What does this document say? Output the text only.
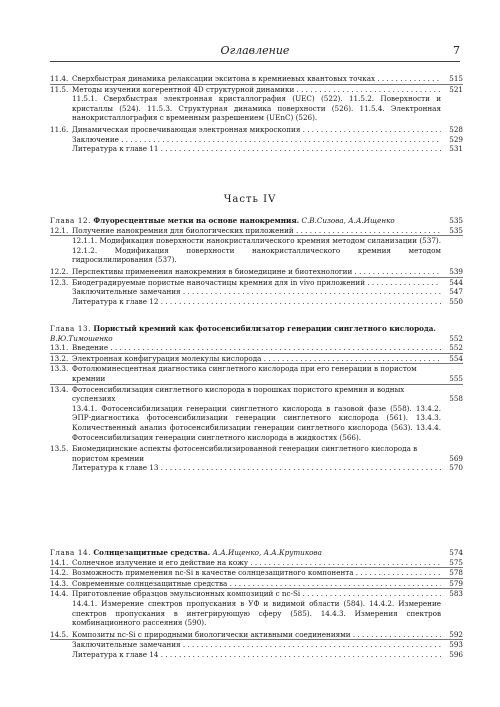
Оглавление	7
11.4. Сверхбыстрая динамика релаксации экситона в кремниевых квантовых точках . . .	515
11.5. Методы изучения когерентной 4D структурной динамики . . .	521
11.5.1. Сверхбыстрая электронная кристаллография (UEC) (522). 11.5.2. Поверхности и кристаллы (524). 11.5.3. Структурная динамика поверхности (526). 11.5.4. Электронная нанокристаллография с временным разрешением (UEnC) (526).
11.6. Динамическая просвечивающая электронная микроскопия . . .	528
Заключение . . .	529
Литература к главе 11 . . .	531
Часть IV
Глава 12. Флуоресцентные метки на основе нанокремния. С.В.Сизова, А.А.Ищенко	535
12.1. Получение нанокремния для биологических приложений . . .	535
12.1.1. Модификация поверхности нанокристаллического кремния методом силанизации (537). 12.1.2. Модификация поверхности нанокристаллического кремния методом гидросилилирования (537).
12.2. Перспективы применения нанокремния в биомедицине и биотехнологии . . .	539
12.3. Биодеградируемые пористые наночастицы кремния для in vivo приложений . . .	544
Заключительные замечания . . .	547
Литература к главе 12 . . .	550
Глава 13. Пористый кремний как фотосенсибилизатор генерации синглетного кислорода. В.Ю.Тимошенко	552
13.1. Введение . . .	552
13.2. Электронная конфигурация молекулы кислорода . . .	554
13.3. Фотолюминесцентная диагностика синглетного кислорода при его генерации в пористом кремнии	555
13.4. Фотосенсибилизация синглетного кислорода в порошках пористого кремния и водных суспензиях	558
13.4.1. Фотосенсибилизация генерации синглетного кислорода в газовой фазе (558). 13.4.2. ЭПР-диагностика фотосенсибилизации генерации синглетного кислорода (561). 13.4.3. Количественный анализ фотосенсибилизации генерации синглетного кислорода (563). 13.4.4. Фотосенсибилизация генерации синглетного кислорода в жидкостях (566).
13.5. Биомедицинские аспекты фотосенсибилизированной генерации синглетного кислорода в пористом кремнии	569
Литература к главе 13 . . .	570
Глава 14. Солнцезащитные средства. А.А.Ищенко, А.А.Крутикова	574
14.1. Солнечное излучение и его действие на кожу . . .	575
14.2. Возможность применения nc-Si в качестве солнцезащитного компонента . . .	578
14.3. Современные солнцезащитные средства . . .	579
14.4. Приготовление образцов эмульсионных композиций с nc-Si . . .	583
14.4.1. Измерение спектров пропускания в УФ и видимой области (584). 14.4.2. Измерение спектров пропускания в интегрирующую сферу (585). 14.4.3. Измерения спектров комбинационного рассеяния (590).
14.5. Композиты nc-Si с природными биологически активными соединениями . . .	592
Заключительные замечания . . .	593
Литература к главе 14 . . .	596
